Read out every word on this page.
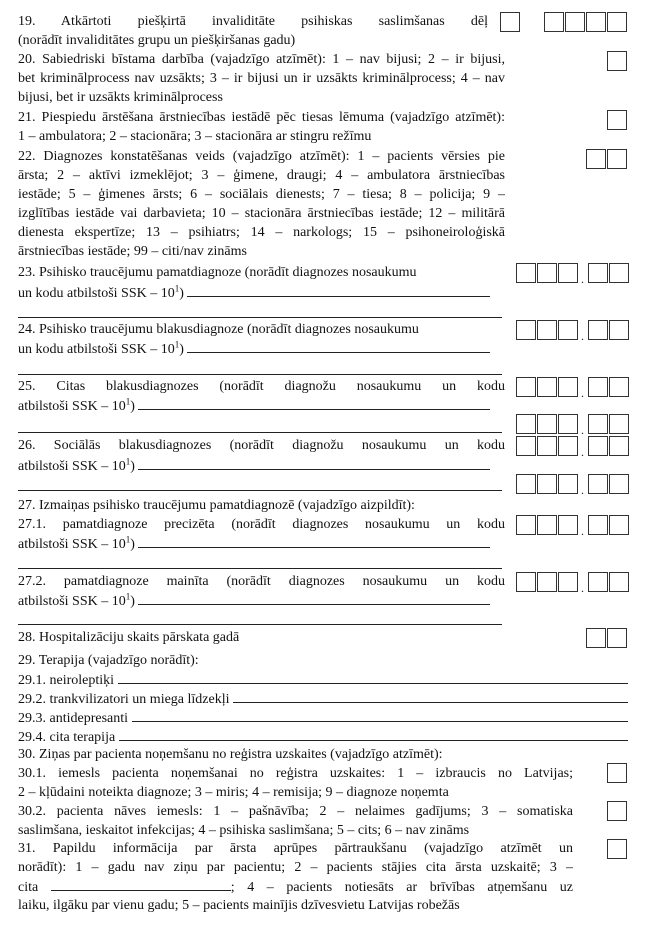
19. Atkārtoti piešķirtā invaliditāte psihiskas saslimšanas dēļ
(norādīt invaliditātes grupu un piešķiršanas gadu)
20. Sabiedriski bīstama darbība (vajadzīgo atzīmēt): 1 – nav bijusi; 2 – ir bijusi,
bet kriminālprocess nav uzsākts; 3 – ir bijusi un ir uzsākts kriminālprocess; 4 – nav
bijusi, bet ir uzsākts kriminālprocess
21. Piespiedu ārstēšana ārstniecības iestādē pēc tiesas lēmuma (vajadzīgo atzīmēt):
1 – ambulatora; 2 – stacionāra; 3 – stacionāra ar stingru režīmu
22. Diagnozes konstatēšanas veids (vajadzīgo atzīmēt): 1 – pacients vērsies pie
ārsta; 2 – aktīvi izmeklējot; 3 – ģimene, draugi; 4 – ambulatora ārstniecības
iestāde; 5 – ģimenes ārsts; 6 – sociālais dienests; 7 – tiesa; 8 – policija; 9 –
izglītības iestāde vai darbavieta; 10 – stacionāra ārstniecības iestāde; 12 – militārā
dienesta ekspertīze; 13 – psihiatrs; 14 – narkologs; 15 – psihoneiroloģiskā
ārstniecības iestāde; 99 – citi/nav zināms
23. Psihisko traucējumu pamatdiagnoze (norādīt diagnozes nosaukumu
un kodu atbilstoši SSK – $10^1$)
24. Psihisko traucējumu blakusdiagnoze (norādīt diagnozes nosaukumu
un kodu atbilstoši SSK – $10^1$)
25. Citas blakusdiagnozes (norādīt diagnožu nosaukumu un kodu
atbilstoši SSK – $10^1$)
26. Sociālās blakusdiagnozes (norādīt diagnožu nosaukumu un kodu
atbilstoši SSK – $10^1$)
27. Izmaiņas psihisko traucējumu pamatdiagnozē (vajadzīgo aizpildīt):
27.1. pamatdiagnoze precizēta (norādīt diagnozes nosaukumu un kodu
atbilstoši SSK – $10^1$)
27.2. pamatdiagnoze mainīta (norādīt diagnozes nosaukumu un kodu
atbilstoši SSK – $10^1$)
28. Hospitalizāciju skaits pārskata gadā
29. Terapija (vajadzīgo norādīt):
29.1. neiroleptiķi
29.2. trankvilizatori un miega līdzekļi
29.3. antidepresanti
29.4. cita terapija
30. Ziņas par pacienta noņemšanu no reģistra uzskaites (vajadzīgo atzīmēt):
30.1. iemesls pacienta noņemšanai no reģistra uzskaites: 1 – izbraucis no Latvijas;
2 – kļūdaini noteikta diagnoze; 3 – miris; 4 – remisija; 9 – diagnoze noņemta
30.2. pacienta nāves iemesls: 1 – pašnāvība; 2 – nelaimes gadījums; 3 – somatiska
saslimšana, ieskaitot infekcijas; 4 – psihiska saslimšana; 5 – cits; 6 – nav zināms
31. Papildu informācija par ārsta aprūpes pārtraukšanu (vajadzīgo atzīmēt un
norādīt): 1 – gadu nav ziņu par pacientu; 2 – pacients stājies cita ārsta uzskaitē; 3 –
cita	; 4 – pacients notiesāts ar brīvības atņemšanu uz
laiku, ilgāku par vienu gadu; 5 – pacients mainījis dzīvesvietu Latvijas robežās
.
.
.
.
.
.
.
.
